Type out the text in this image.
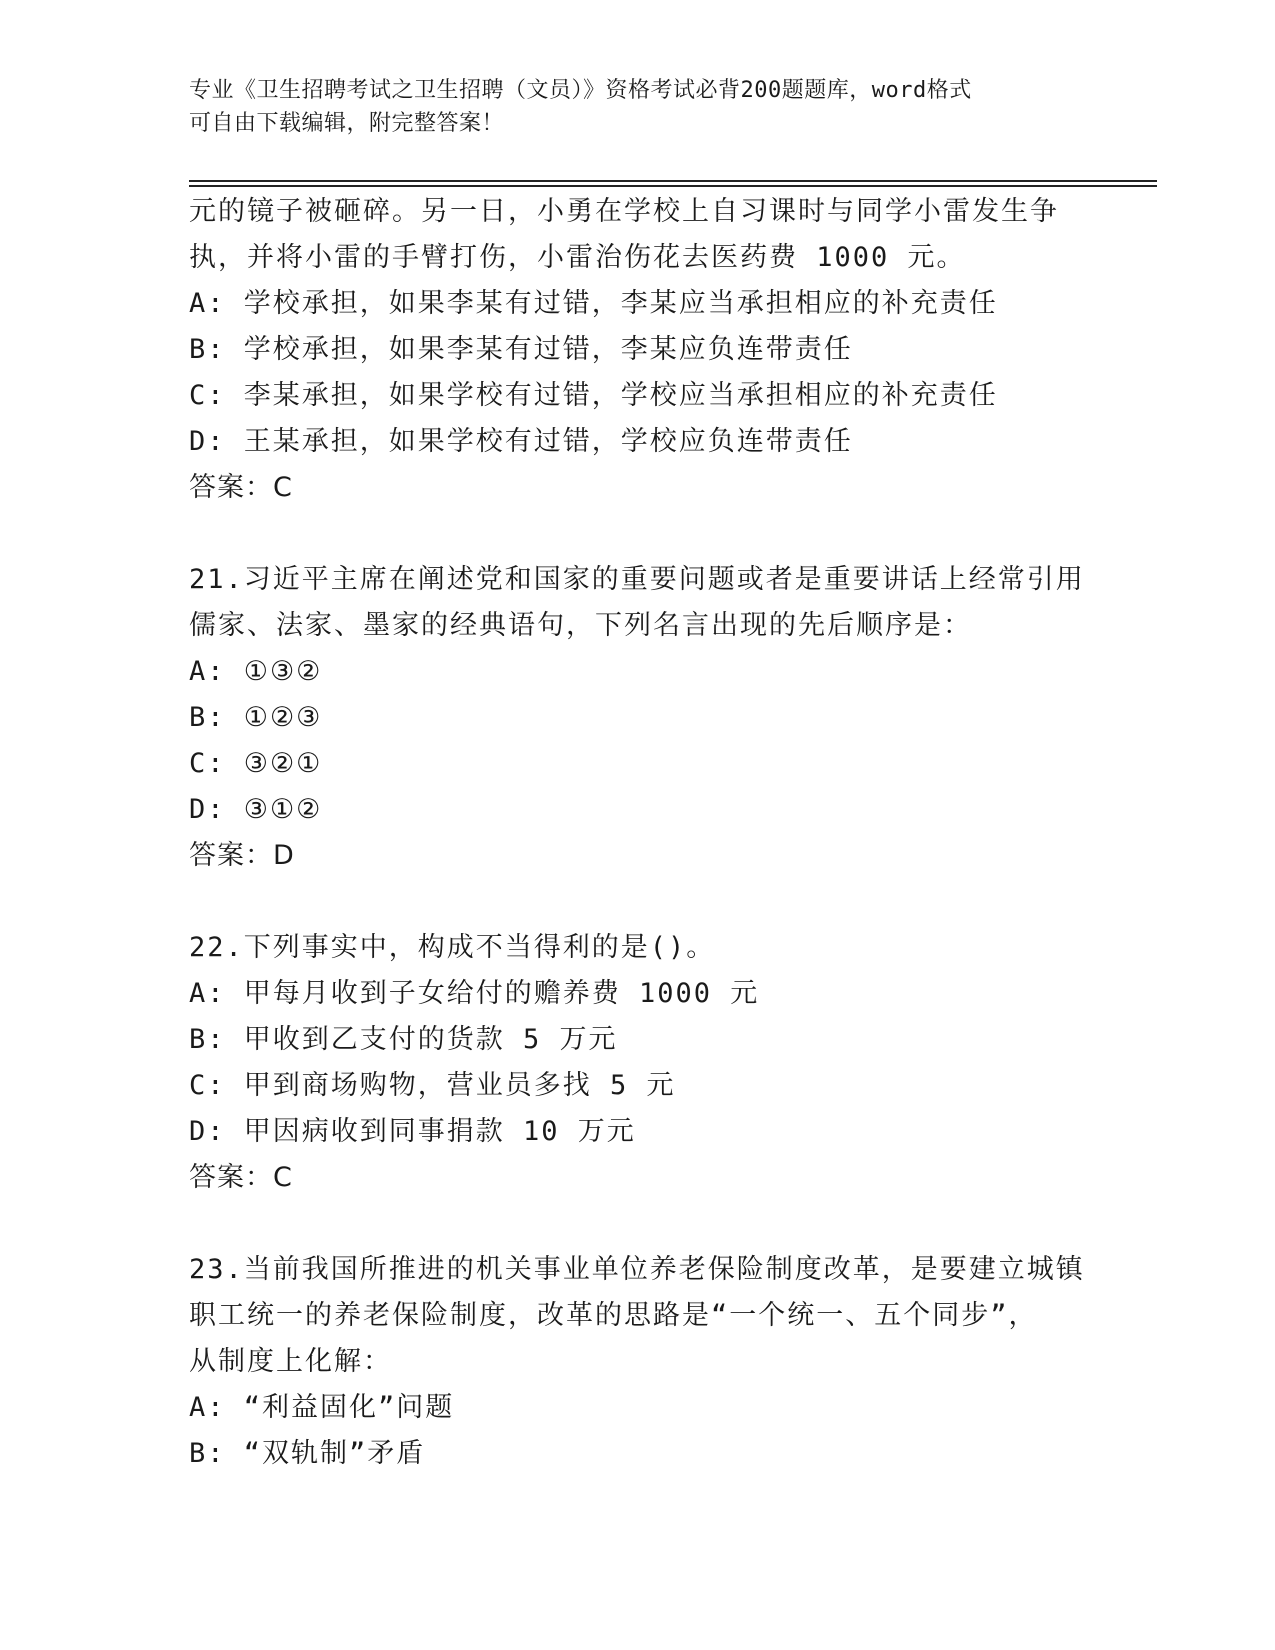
专业《卫生招聘考试之卫生招聘（文员）》资格考试必背200题题库，word格式
可自由下载编辑，附完整答案！
元的镜子被砸碎。另一日，小勇在学校上自习课时与同学小雷发生争
执，并将小雷的手臂打伤，小雷治伤花去医药费 1000 元。
A: 学校承担，如果李某有过错，李某应当承担相应的补充责任
B: 学校承担，如果李某有过错，李某应负连带责任
C: 李某承担，如果学校有过错，学校应当承担相应的补充责任
D: 王某承担，如果学校有过错，学校应负连带责任
答案：C
21.习近平主席在阐述党和国家的重要问题或者是重要讲话上经常引用
儒家、法家、墨家的经典语句，下列名言出现的先后顺序是：
A: ①③②
B: ①②③
C: ③②①
D: ③①②
答案：D
22.下列事实中，构成不当得利的是()。
A: 甲每月收到子女给付的赡养费 1000 元
B: 甲收到乙支付的货款 5 万元
C: 甲到商场购物，营业员多找 5 元
D: 甲因病收到同事捐款 10 万元
答案：C
23.当前我国所推进的机关事业单位养老保险制度改革，是要建立城镇
职工统一的养老保险制度，改革的思路是“一个统一、五个同步”，
从制度上化解：
A: “利益固化”问题
B: “双轨制”矛盾
